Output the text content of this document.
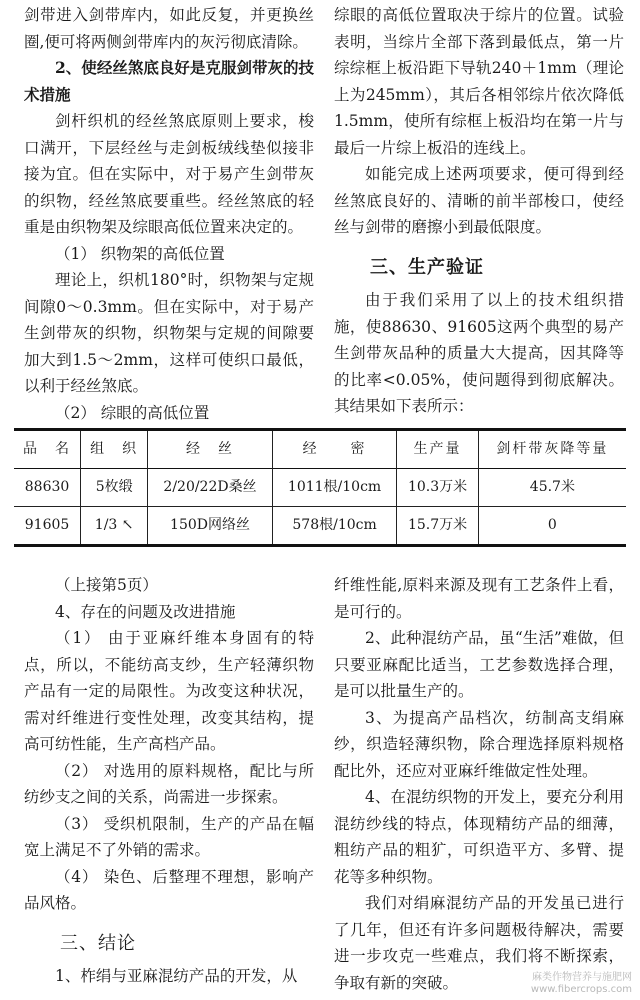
剑带进入剑带库内，如此反复，并更换丝圈,便可将两侧剑带库内的灰污彻底清除。

2、使经丝煞底良好是克服剑带灰的技术措施

剑杆织机的经丝煞底原则上要求，梭口满开，下层经丝与走剑板绒线垫似接非接为宜。但在实际中，对于易产生剑带灰的织物，经丝煞底要重些。经丝煞底的轻重是由织物架及综眼高低位置来决定的。

（1） 织物架的高低位置

理论上，织机180°时，织物架与定规间隙0～0.3mm。但在实际中，对于易产生剑带灰的织物，织物架与定规的间隙要加大到1.5～2mm，这样可使织口最低，以利于经丝煞底。

（2） 综眼的高低位置

综眼的高低位置取决于综片的位置。试验表明，当综片全部下落到最低点，第一片综综框上板沿距下导轨240＋1mm（理论上为245mm），其后各相邻综片依次降低1.5mm，使所有综框上板沿均在第一片与最后一片综上板沿的连线上。

如能完成上述两项要求，便可得到经丝煞底良好的、清晰的前半部梭口，使经丝与剑带的磨擦小到最低限度。

三、生产验证

由于我们采用了以上的技术组织措施，使88630、91605这两个典型的易产生剑带灰品种的质量大大提高，因其降等的比率<0.05%，使问题得到彻底解决。其结果如下表所示：

品　名	组　织	经　丝	经　　密	生产量	剑杆带灰降等量
88630	5枚缎	2/20/22D桑丝	1011根/10cm	10.3万米	45.7米
91605	1/3 ↖	150D网络丝	578根/10cm	15.7万米	0

（上接第5页）

4、存在的问题及改进措施

（1） 由于亚麻纤维本身固有的特点，所以，不能纺高支纱，生产轻薄织物产品有一定的局限性。为改变这种状况，需对纤维进行变性处理，改变其结构，提高可纺性能，生产高档产品。

（2） 对选用的原料规格，配比与所纺纱支之间的关系，尚需进一步探索。

（3） 受织机限制，生产的产品在幅宽上满足不了外销的需求。

（4） 染色、后整理不理想，影响产品风格。

三、结论

1、柞绢与亚麻混纺产品的开发，从

纤维性能,原料来源及现有工艺条件上看，是可行的。

2、此种混纺产品，虽“生活”难做，但只要亚麻配比适当，工艺参数选择合理，是可以批量生产的。

3、为提高产品档次，纺制高支绢麻纱，织造轻薄织物，除合理选择原料规格配比外，还应对亚麻纤维做定性处理。

4、在混纺织物的开发上，要充分利用混纺纱线的特点，体现精纺产品的细薄，粗纺产品的粗犷，可织造平方、多臂、提花等多种织物。

我们对绢麻混纺产品的开发虽已进行了几年，但还有许多问题极待解决，需要进一步攻克一些难点，我们将不断探索，争取有新的突破。	麻类作物营养与施肥网
www.fibercrops.com
